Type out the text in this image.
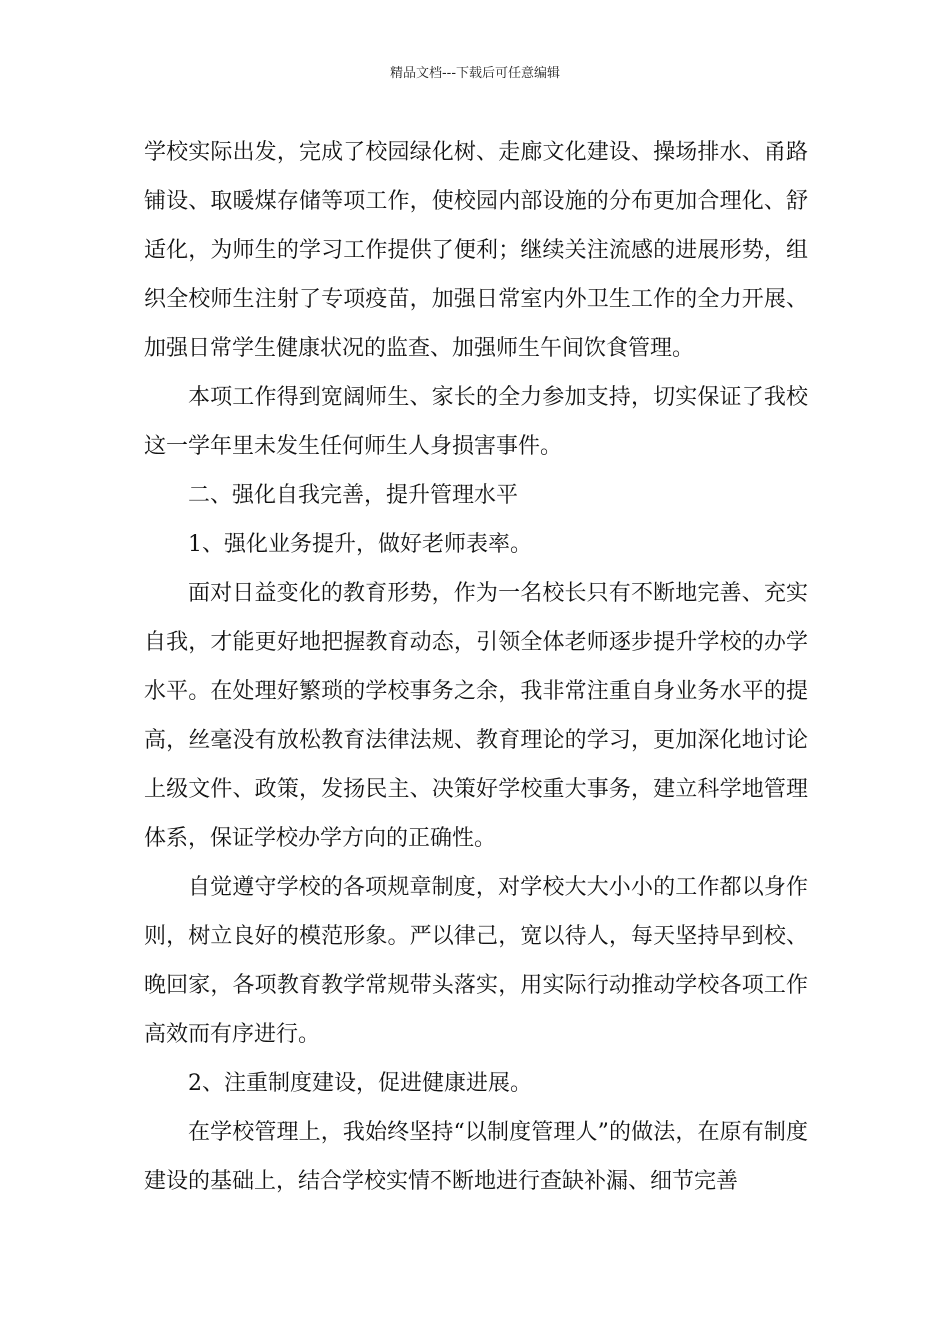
精品文档---下载后可任意编辑

学校实际出发，完成了校园绿化树、走廊文化建设、操场排水、甬路铺设、取暖煤存储等项工作，使校园内部设施的分布更加合理化、舒适化，为师生的学习工作提供了便利；继续关注流感的进展形势，组织全校师生注射了专项疫苗，加强日常室内外卫生工作的全力开展、加强日常学生健康状况的监查、加强师生午间饮食管理。

本项工作得到宽阔师生、家长的全力参加支持，切实保证了我校这一学年里未发生任何师生人身损害事件。

二、强化自我完善，提升管理水平

1、强化业务提升，做好老师表率。

面对日益变化的教育形势，作为一名校长只有不断地完善、充实自我，才能更好地把握教育动态，引领全体老师逐步提升学校的办学水平。在处理好繁琐的学校事务之余，我非常注重自身业务水平的提高，丝毫没有放松教育法律法规、教育理论的学习，更加深化地讨论上级文件、政策，发扬民主、决策好学校重大事务，建立科学地管理体系，保证学校办学方向的正确性。

自觉遵守学校的各项规章制度，对学校大大小小的工作都以身作则，树立良好的模范形象。严以律己，宽以待人，每天坚持早到校、晚回家，各项教育教学常规带头落实，用实际行动推动学校各项工作高效而有序进行。

2、注重制度建设，促进健康进展。

在学校管理上，我始终坚持“以制度管理人”的做法，在原有制度建设的基础上，结合学校实情不断地进行查缺补漏、细节完善
